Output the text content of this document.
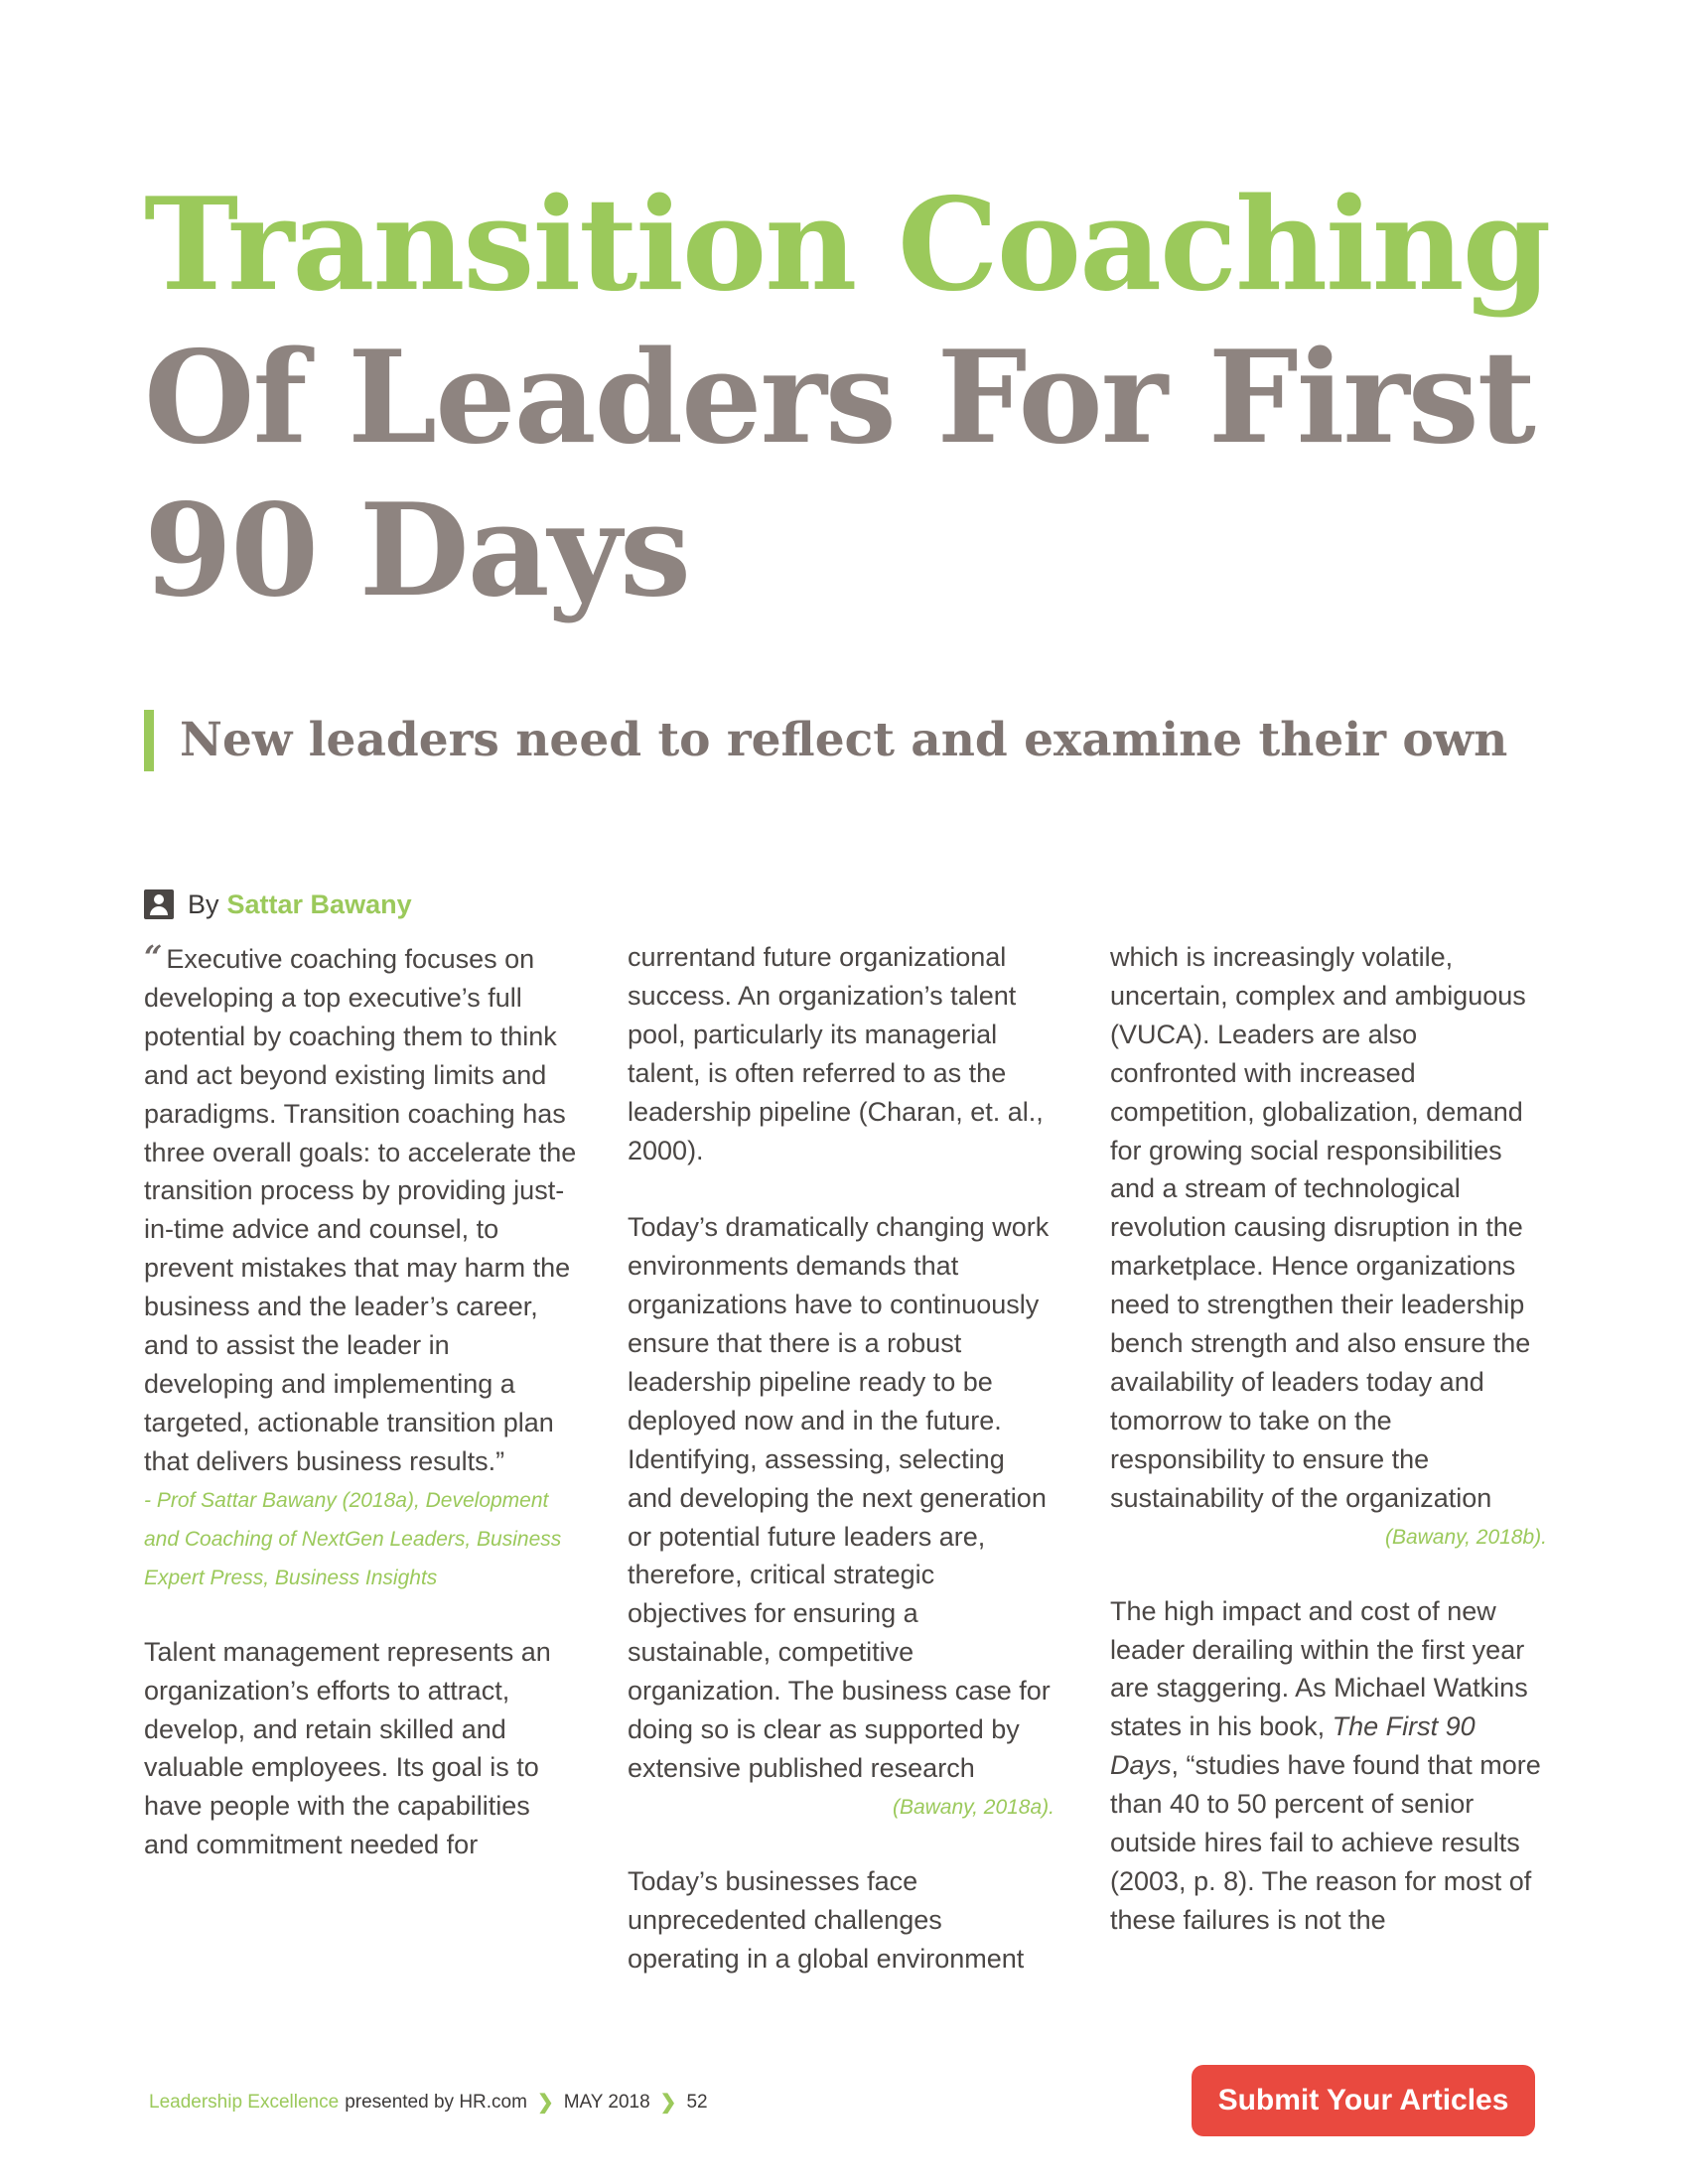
Transition Coaching
Of Leaders For First
90 Days
New leaders need to reflect and examine their own
By Sattar Bawany

“ Executive coaching focuses on developing a top executive’s full potential by coaching them to think and act beyond existing limits and paradigms. Transition coaching has three overall goals: to accelerate the transition process by providing just-in-time advice and counsel, to prevent mistakes that may harm the business and the leader’s career, and to assist the leader in developing and implementing a targeted, actionable transition plan that delivers business results.”

- Prof Sattar Bawany (2018a), Development and Coaching of NextGen Leaders, Business Expert Press, Business Insights

Talent management represents an organization’s efforts to attract, develop, and retain skilled and valuable employees. Its goal is to have people with the capabilities and commitment needed for

currentand future organizational success. An organization’s talent pool, particularly its managerial talent, is often referred to as the leadership pipeline (Charan, et. al., 2000).

Today’s dramatically changing work environments demands that organizations have to continuously ensure that there is a robust leadership pipeline ready to be deployed now and in the future. Identifying, assessing, selecting and developing the next generation or potential future leaders are, therefore, critical strategic objectives for ensuring a sustainable, competitive organization. The business case for doing so is clear as supported by extensive published research

(Bawany, 2018a).

Today’s businesses face unprecedented challenges operating in a global environment

which is increasingly volatile, uncertain, complex and ambiguous (VUCA). Leaders are also confronted with increased competition, globalization, demand for growing social responsibilities and a stream of technological revolution causing disruption in the marketplace. Hence organizations need to strengthen their leadership bench strength and also ensure the availability of leaders today and tomorrow to take on the responsibility to ensure the sustainability of the organization

(Bawany, 2018b).

The high impact and cost of new leader derailing within the first year are staggering. As Michael Watkins states in his book, The First 90 Days, “studies have found that more than 40 to 50 percent of senior outside hires fail to achieve results (2003, p. 8). The reason for most of these failures is not the

Leadership Excellence presented by HR.com ❯ MAY 2018 ❯ 52	Submit Your Articles
